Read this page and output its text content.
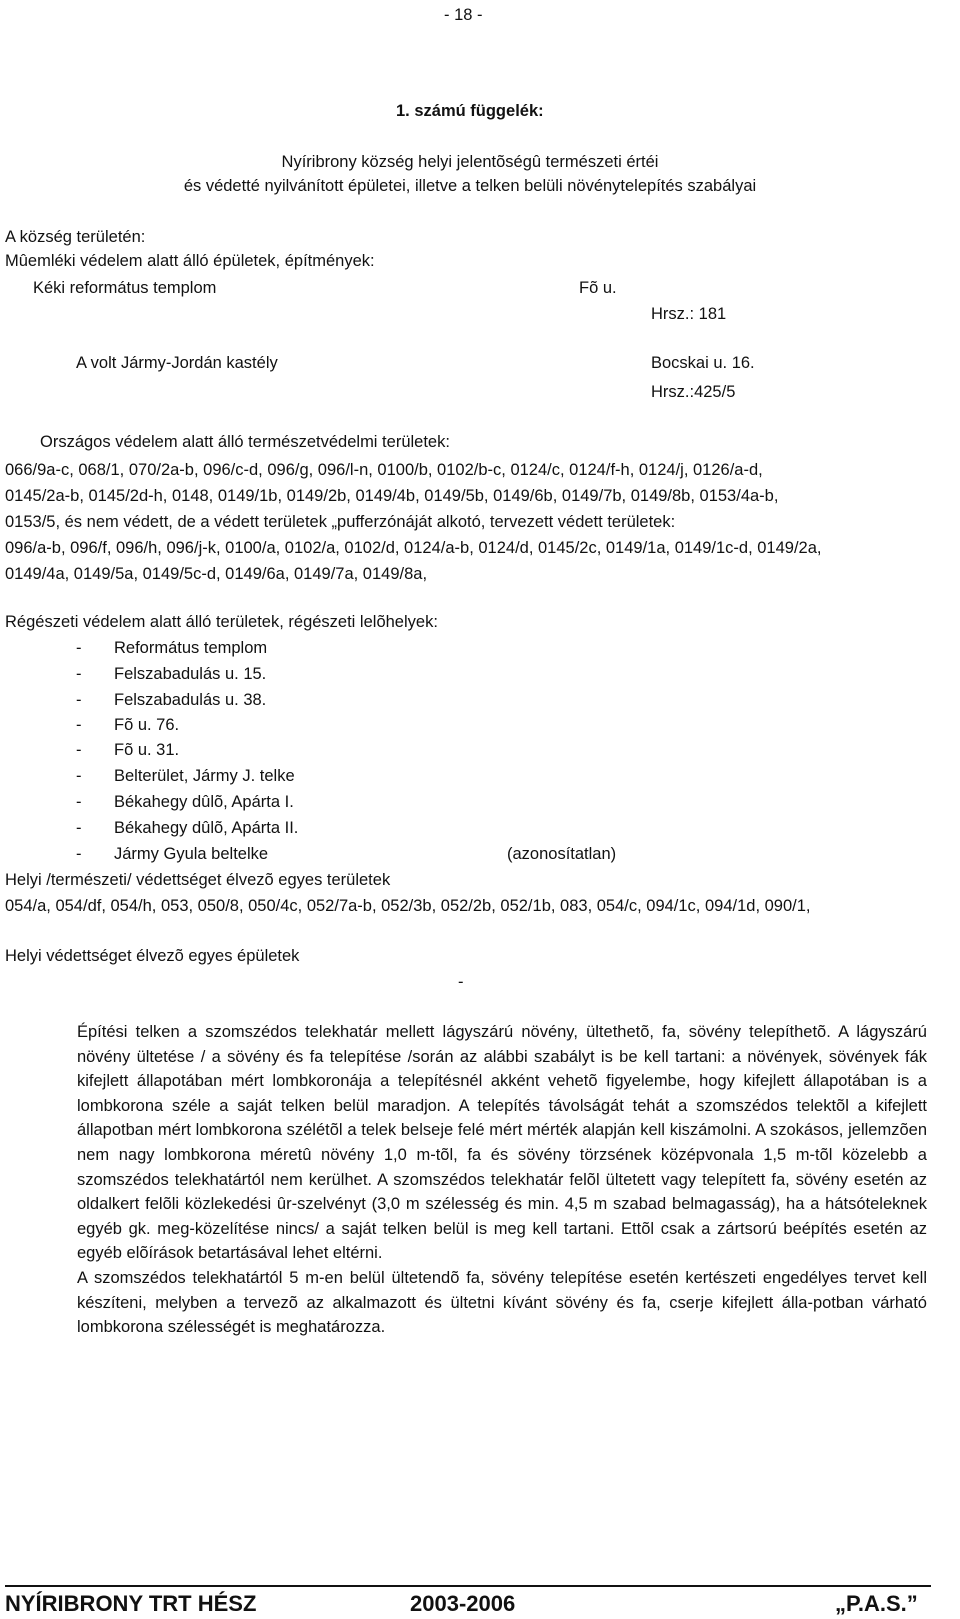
- 18 -
1. számú függelék:
Nyíribrony község helyi jelentõségû természeti értéi
és védetté nyilvánított épületei, illetve a telken belüli növénytelepítés szabályai
A község területén:
Mûemléki védelem alatt álló épületek, építmények:
Kéki református templom	Fõ u.
Hrsz.: 181
A volt Jármy-Jordán kastély	Bocskai u. 16.
Hrsz.:425/5
Országos védelem alatt álló természetvédelmi területek:
066/9a-c, 068/1, 070/2a-b, 096/c-d, 096/g, 096/l-n, 0100/b, 0102/b-c, 0124/c, 0124/f-h, 0124/j, 0126/a-d,
0145/2a-b, 0145/2d-h, 0148, 0149/1b, 0149/2b, 0149/4b, 0149/5b, 0149/6b, 0149/7b, 0149/8b, 0153/4a-b,
0153/5, és nem védett, de a védett területek „pufferzónáját alkotó, tervezett védett területek:
096/a-b, 096/f, 096/h, 096/j-k, 0100/a, 0102/a, 0102/d, 0124/a-b, 0124/d, 0145/2c, 0149/1a, 0149/1c-d, 0149/2a,
0149/4a, 0149/5a, 0149/5c-d, 0149/6a, 0149/7a, 0149/8a,
Régészeti védelem alatt álló területek, régészeti lelõhelyek:
- Református templom
- Felszabadulás u. 15.
- Felszabadulás u. 38.
- Fõ u. 76.
- Fõ u. 31.
- Belterület, Jármy J. telke
- Békahegy dûlõ, Apárta I.
- Békahegy dûlõ, Apárta II.
- Jármy Gyula beltelke	(azonosítatlan)
Helyi /természeti/ védettséget élvezõ egyes területek
054/a, 054/df, 054/h, 053, 050/8, 050/4c, 052/7a-b, 052/3b, 052/2b, 052/1b, 083, 054/c, 094/1c, 094/1d, 090/1,
Helyi védettséget élvezõ egyes épületek
-

Építési telken a szomszédos telekhatár mellett lágyszárú növény, ültethetõ, fa, sövény telepíthetõ. A lágyszárú növény ültetése / a sövény és fa telepítése /során az alábbi szabályt is be kell tartani: a növények, sövények fák kifejlett állapotában mért lombkoronája a telepítésnél akként vehetõ figyelembe, hogy kifejlett állapotában is a lombkorona széle a saját telken belül maradjon. A telepítés távolságát tehát a szomszédos telektõl a kifejlett állapotban mért lombkorona szélétõl a telek belseje felé mért mérték alapján kell kiszámolni. A szokásos, jellemzõen nem nagy lombkorona méretû növény 1,0 m-tõl, fa és sövény törzsének középvonala 1,5 m-tõl közelebb a szomszédos telekhatártól nem kerülhet. A szomszédos telekhatár felõl ültetett vagy telepített fa, sövény esetén az oldalkert felõli közlekedési ûr-szelvényt (3,0 m szélesség és min. 4,5 m szabad belmagasság), ha a hátsóteleknek egyéb gk. meg-közelítése nincs/ a saját telken belül is meg kell tartani. Ettõl csak a zártsorú beépítés esetén az egyéb elõírások betartásával lehet eltérni.

A szomszédos telekhatártól 5 m-en belül ültetendõ fa, sövény telepítése esetén kertészeti engedélyes tervet kell készíteni, melyben a tervezõ az alkalmazott és ültetni kívánt sövény és fa, cserje kifejlett álla-potban várható lombkorona szélességét is meghatározza.

NYÍRIBRONY TRT HÉSZ	2003-2006	„P.A.S.”
